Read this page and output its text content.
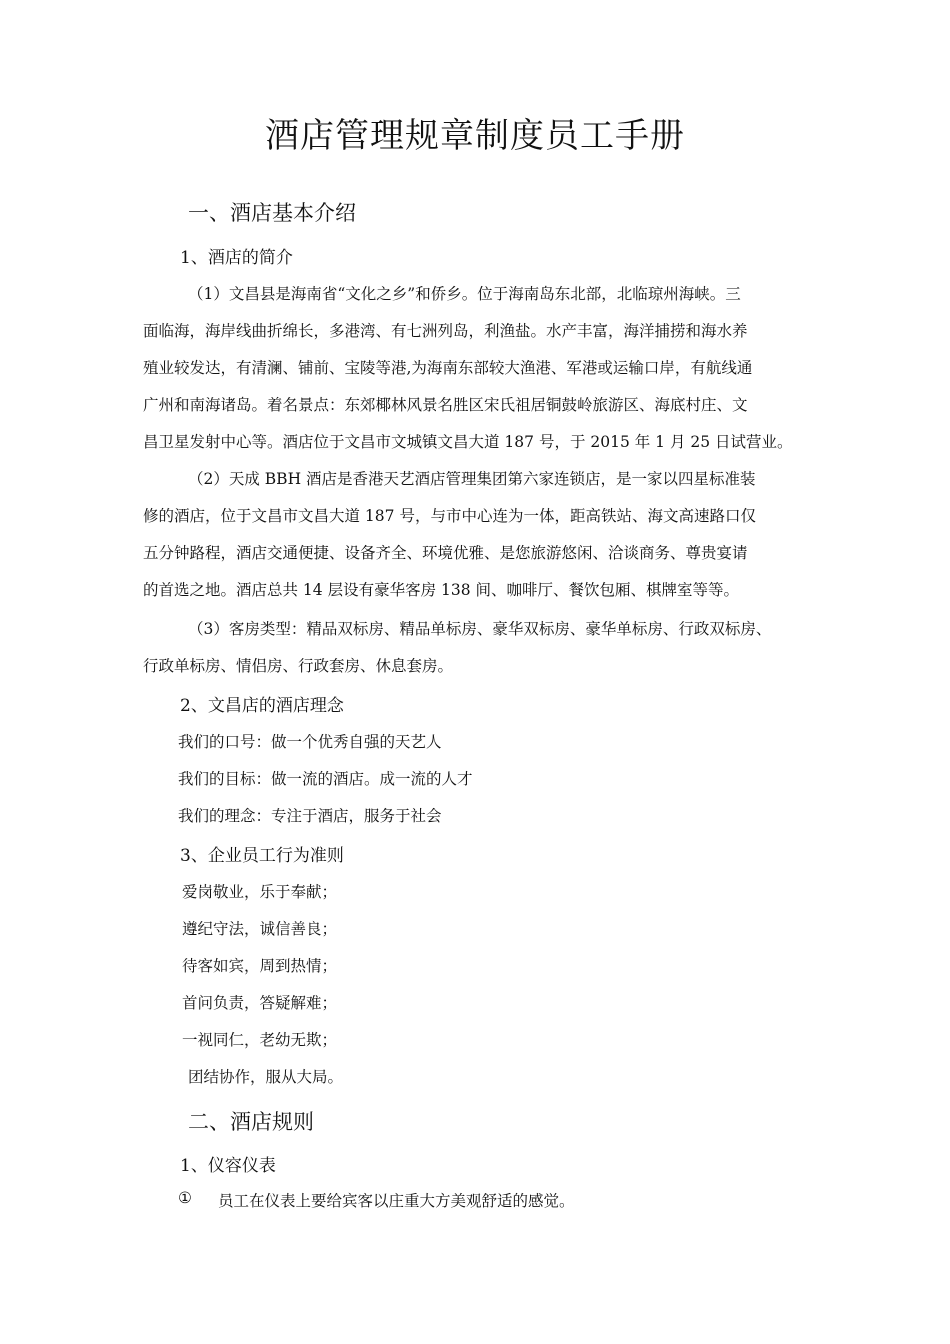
酒店管理规章制度员工手册
一、酒店基本介绍
1、酒店的简介
（1）文昌县是海南省“文化之乡”和侨乡。位于海南岛东北部，北临琼州海峡。三
面临海，海岸线曲折绵长，多港湾、有七洲列岛，利渔盐。水产丰富，海洋捕捞和海水养
殖业较发达，有清澜、铺前、宝陵等港,为海南东部较大渔港、军港或运输口岸，有航线通
广州和南海诸岛。着名景点：东郊椰林风景名胜区宋氏祖居铜鼓岭旅游区、海底村庄、文
昌卫星发射中心等。酒店位于文昌市文城镇文昌大道 187 号，于 2015 年 1 月 25 日试营业。
（2）天成 BBH 酒店是香港天艺酒店管理集团第六家连锁店，是一家以四星标准装
修的酒店，位于文昌市文昌大道 187 号，与市中心连为一体，距高铁站、海文高速路口仅
五分钟路程，酒店交通便捷、设备齐全、环境优雅、是您旅游悠闲、洽谈商务、尊贵宴请
的首选之地。酒店总共 14 层设有豪华客房 138 间、咖啡厅、餐饮包厢、棋牌室等等。
（3）客房类型：精品双标房、精品单标房、豪华双标房、豪华单标房、行政双标房、
行政单标房、情侣房、行政套房、休息套房。
2、文昌店的酒店理念
我们的口号：做一个优秀自强的天艺人
我们的目标：做一流的酒店。成一流的人才
我们的理念：专注于酒店，服务于社会
3、企业员工行为准则
爱岗敬业，乐于奉献；
遵纪守法，诚信善良；
待客如宾，周到热情；
首问负责，答疑解难；
一视同仁，老幼无欺；
团结协作，服从大局。
二、酒店规则
1、仪容仪表
① 员工在仪表上要给宾客以庄重大方美观舒适的感觉。
